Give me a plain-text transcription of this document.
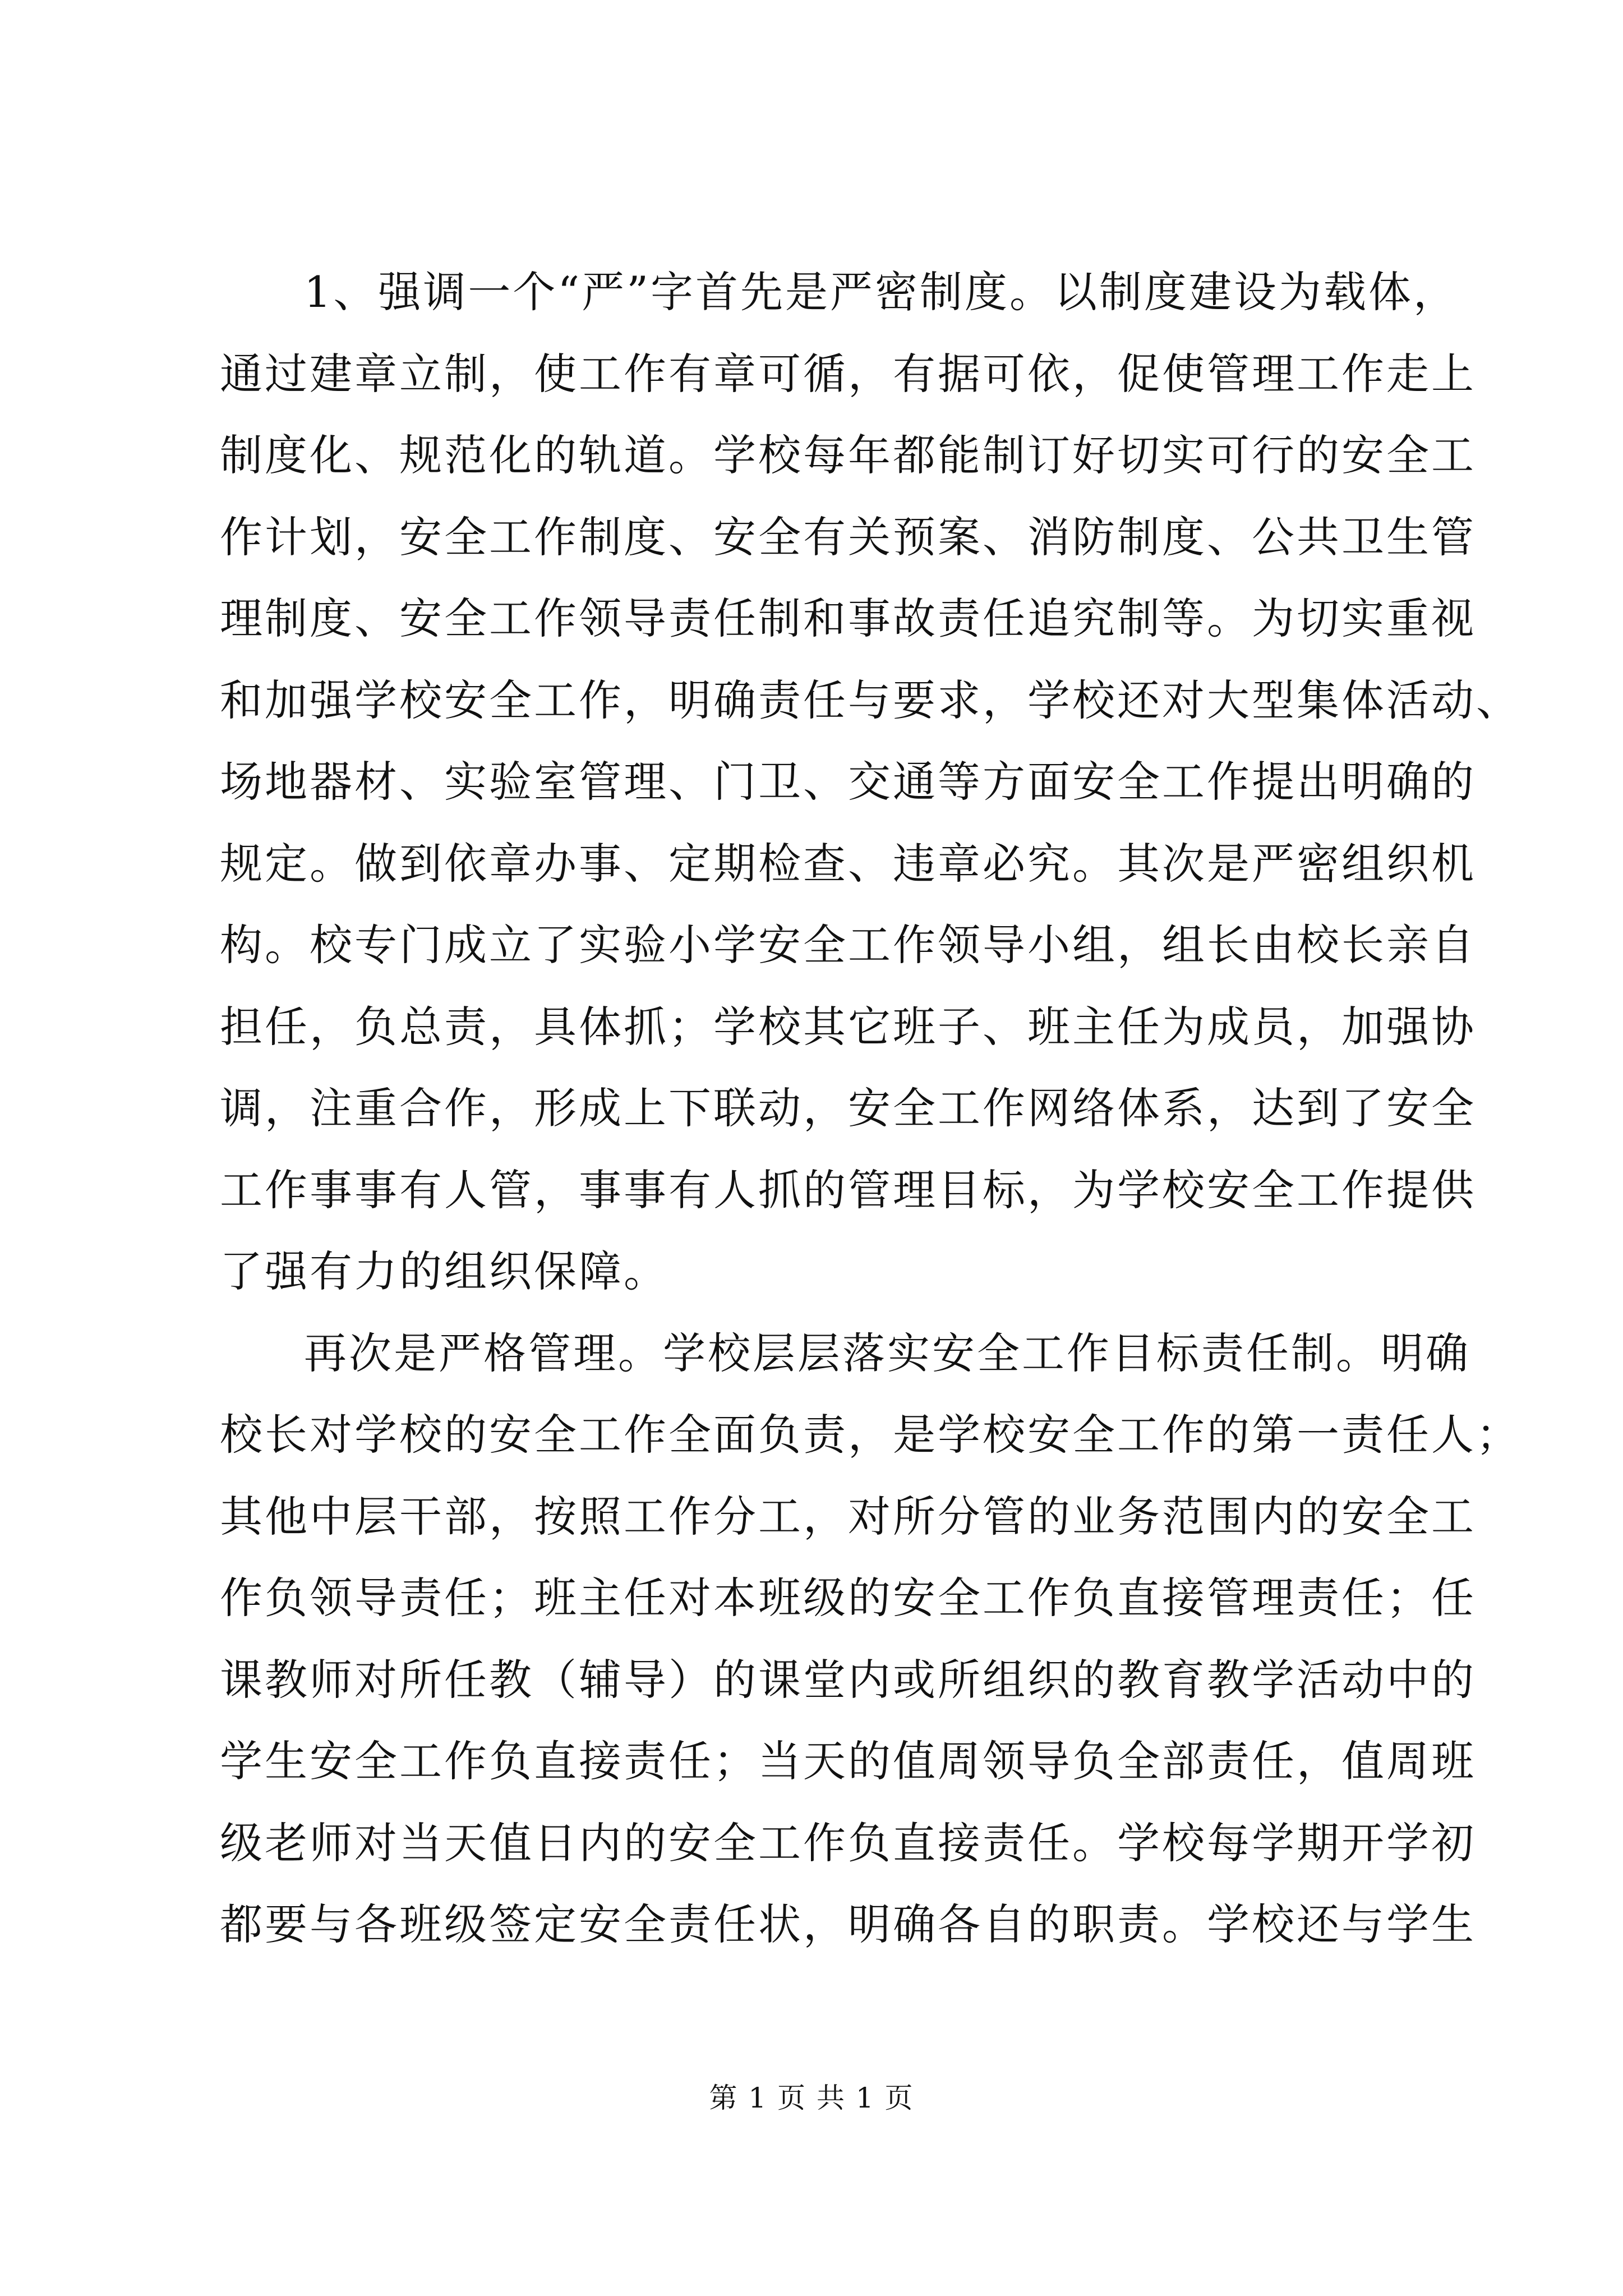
1、强调一个“严”字首先是严密制度。以制度建设为载体，
通过建章立制，使工作有章可循，有据可依，促使管理工作走上
制度化、规范化的轨道。学校每年都能制订好切实可行的安全工
作计划，安全工作制度、安全有关预案、消防制度、公共卫生管
理制度、安全工作领导责任制和事故责任追究制等。为切实重视
和加强学校安全工作，明确责任与要求，学校还对大型集体活动、
场地器材、实验室管理、门卫、交通等方面安全工作提出明确的
规定。做到依章办事、定期检查、违章必究。其次是严密组织机
构。校专门成立了实验小学安全工作领导小组，组长由校长亲自
担任，负总责，具体抓；学校其它班子、班主任为成员，加强协
调，注重合作，形成上下联动，安全工作网络体系，达到了安全
工作事事有人管，事事有人抓的管理目标，为学校安全工作提供
了强有力的组织保障。
再次是严格管理。学校层层落实安全工作目标责任制。明确
校长对学校的安全工作全面负责，是学校安全工作的第一责任人；
其他中层干部，按照工作分工，对所分管的业务范围内的安全工
作负领导责任；班主任对本班级的安全工作负直接管理责任；任
课教师对所任教（辅导）的课堂内或所组织的教育教学活动中的
学生安全工作负直接责任；当天的值周领导负全部责任，值周班
级老师对当天值日内的安全工作负直接责任。学校每学期开学初
都要与各班级签定安全责任状，明确各自的职责。学校还与学生
第 1 页 共 1 页
